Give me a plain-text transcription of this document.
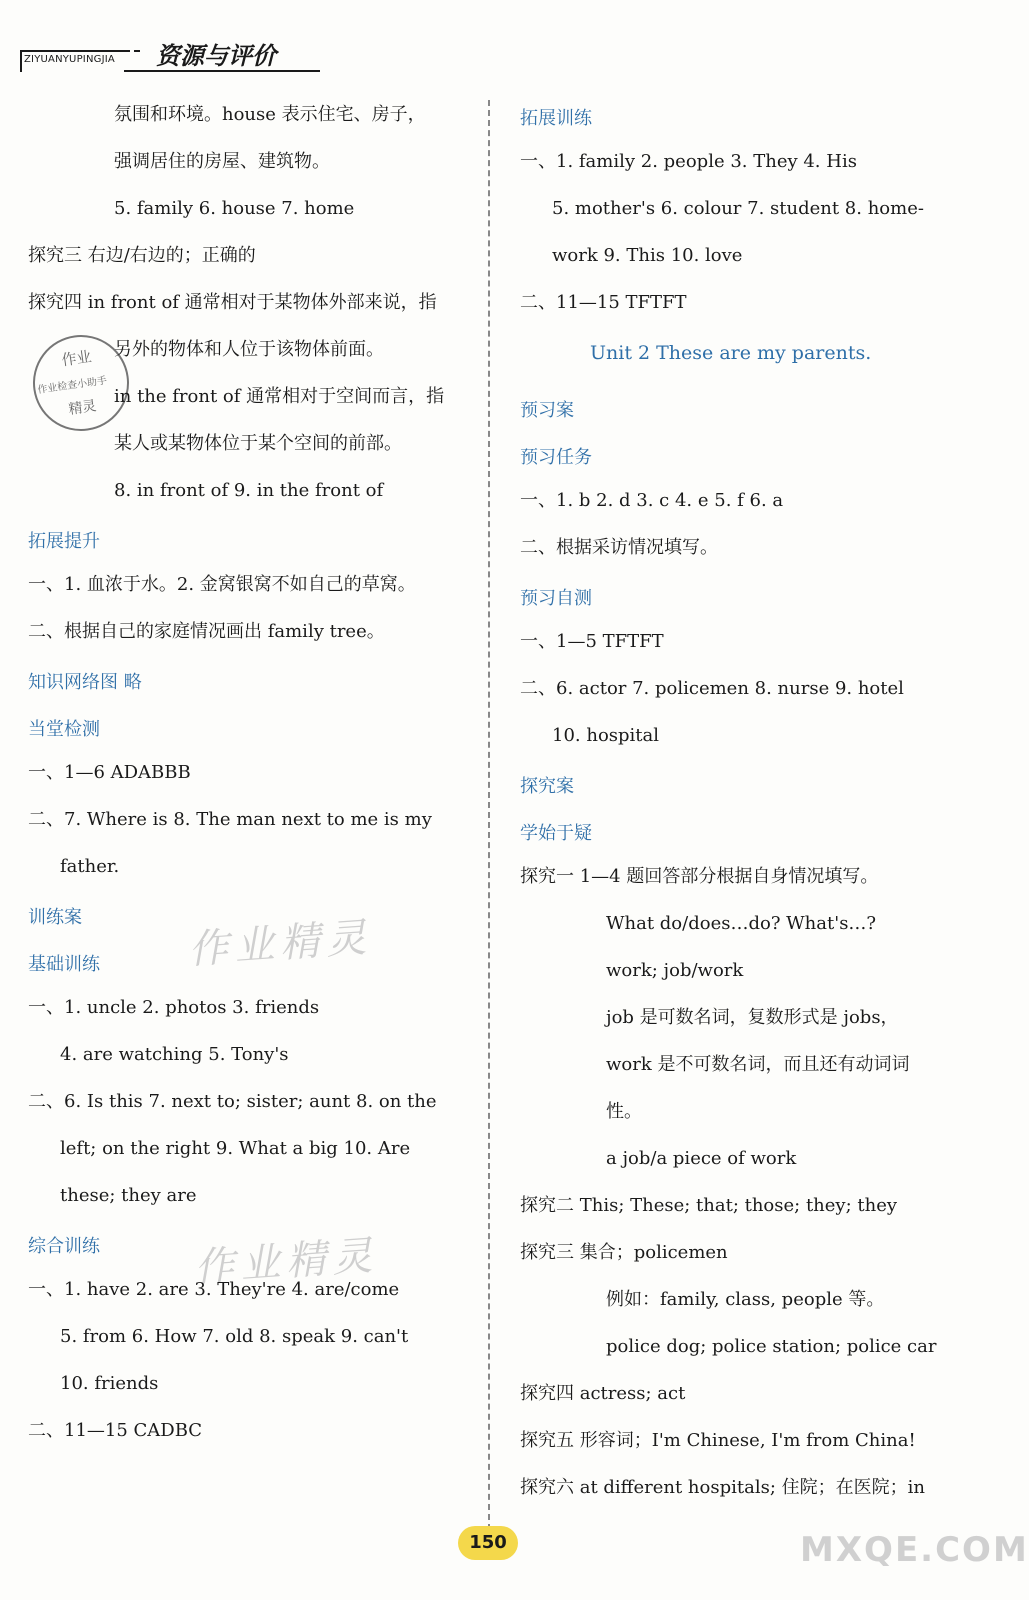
ZIYUANYUPINGJIA 资源与评价
Unit 2 These are my parents.
作业
作业检查小助手
精灵
作业精灵
作业精灵
150	MXQE.COM
氛围和环境。house 表示住宅、房子，
强调居住的房屋、建筑物。
5. family 6. house 7. home
探究三 右边/右边的；正确的
探究四 in front of 通常相对于某物体外部来说，指
另外的物体和人位于该物体前面。
in the front of 通常相对于空间而言，指
某人或某物体位于某个空间的前部。
8. in front of 9. in the front of
拓展提升
一、1. 血浓于水。2. 金窝银窝不如自己的草窝。
二、根据自己的家庭情况画出 family tree。
知识网络图 略
当堂检测
一、1—6 ADABBB
二、7. Where is 8. The man next to me is my
father.
训练案
基础训练
一、1. uncle 2. photos 3. friends
4. are watching 5. Tony's
二、6. Is this 7. next to; sister; aunt 8. on the
left; on the right 9. What a big 10. Are
these; they are
综合训练
一、1. have 2. are 3. They're 4. are/come
5. from 6. How 7. old 8. speak 9. can't
10. friends
二、11—15 CADBC
拓展训练
一、1. family 2. people 3. They 4. His
5. mother's 6. colour 7. student 8. home-
work 9. This 10. love
二、11—15 TFTFT
预习案
预习任务
一、1. b 2. d 3. c 4. e 5. f 6. a
二、根据采访情况填写。
预习自测
一、1—5 TFTFT
二、6. actor 7. policemen 8. nurse 9. hotel
10. hospital
探究案
学始于疑
探究一 1—4 题回答部分根据自身情况填写。
What do/does…do? What's…?
work; job/work
job 是可数名词，复数形式是 jobs，
work 是不可数名词，而且还有动词词
性。
a job/a piece of work
探究二 This; These; that; those; they; they
探究三 集合；policemen
例如：family, class, people 等。
police dog; police station; police car
探究四 actress; act
探究五 形容词；I'm Chinese, I'm from China!
探究六 at different hospitals; 住院；在医院；in
